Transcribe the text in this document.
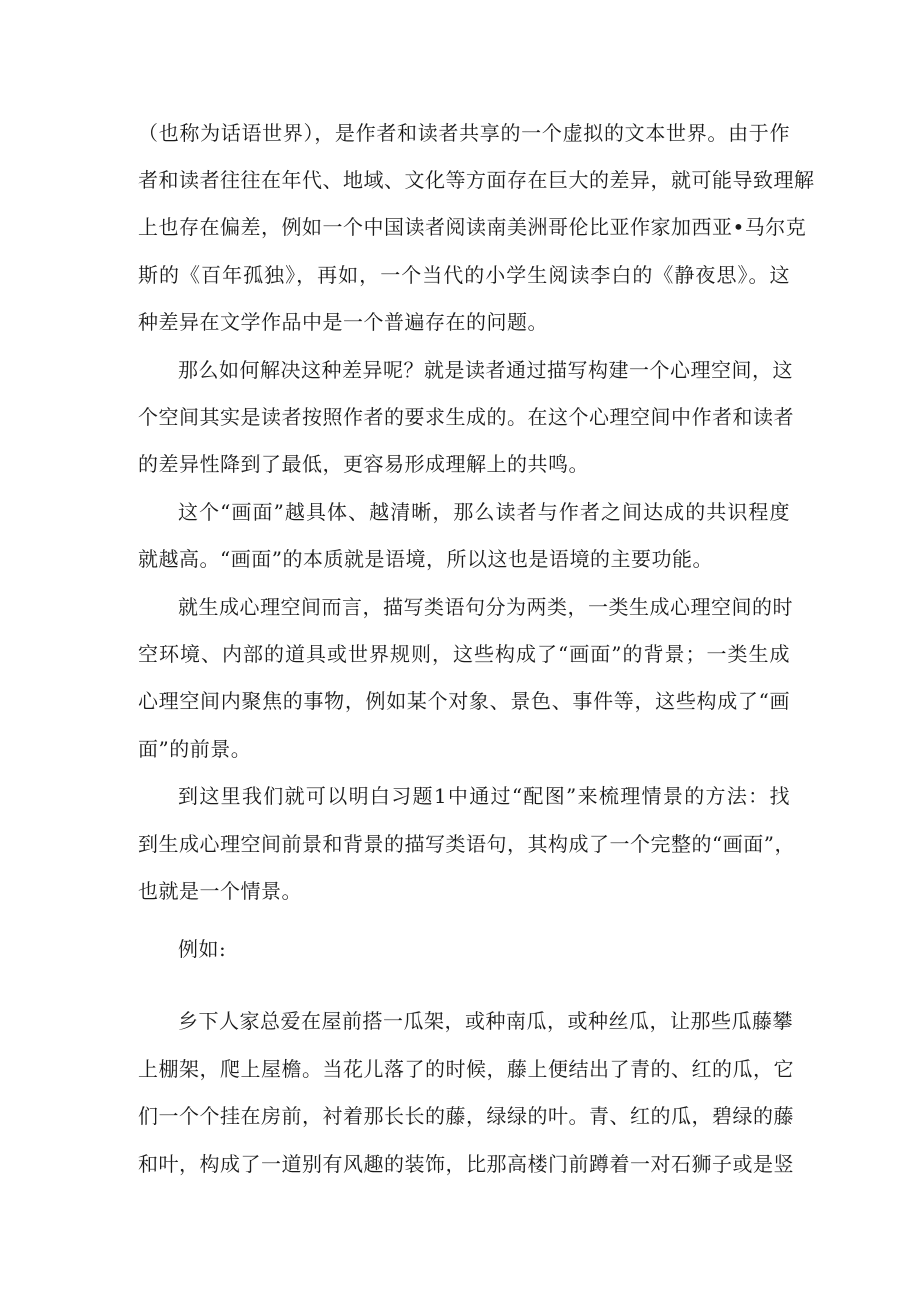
（也称为话语世界），是作者和读者共享的一个虚拟的文本世界。由于作
者和读者往往在年代、地域、文化等方面存在巨大的差异，就可能导致理解
上也存在偏差，例如一个中国读者阅读南美洲哥伦比亚作家加西亚•马尔克
斯的《百年孤独》，再如，一个当代的小学生阅读李白的《静夜思》。这
种差异在文学作品中是一个普遍存在的问题。
那么如何解决这种差异呢？就是读者通过描写构建一个心理空间，这
个空间其实是读者按照作者的要求生成的。在这个心理空间中作者和读者
的差异性降到了最低，更容易形成理解上的共鸣。
这个“画面”越具体、越清晰，那么读者与作者之间达成的共识程度
就越高。“画面”的本质就是语境，所以这也是语境的主要功能。
就生成心理空间而言，描写类语句分为两类，一类生成心理空间的时
空环境、内部的道具或世界规则，这些构成了“画面”的背景；一类生成
心理空间内聚焦的事物，例如某个对象、景色、事件等，这些构成了“画
面”的前景。
到这里我们就可以明白习题1中通过“配图”来梳理情景的方法：找
到生成心理空间前景和背景的描写类语句，其构成了一个完整的“画面”，
也就是一个情景。
例如:
乡下人家总爱在屋前搭一瓜架，或种南瓜，或种丝瓜，让那些瓜藤攀
上棚架，爬上屋檐。当花儿落了的时候，藤上便结出了青的、红的瓜，它
们一个个挂在房前，衬着那长长的藤，绿绿的叶。青、红的瓜，碧绿的藤
和叶，构成了一道别有风趣的装饰，比那高楼门前蹲着一对石狮子或是竖
